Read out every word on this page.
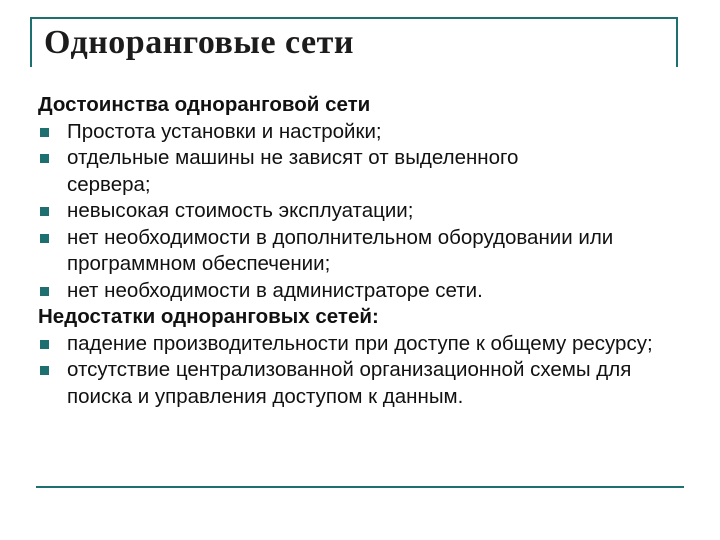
Одноранговые сети
Достоинства одноранговой сети
Простота установки и настройки;
отдельные машины не зависят от выделенного сервера;
невысокая стоимость эксплуатации;
нет необходимости в дополнительном оборудовании или программном обеспечении;
нет необходимости в администраторе сети.
Недостатки одноранговых сетей:
падение производительности при доступе к общему ресурсу;
отсутствие централизованной организационной схемы для поиска и управления доступом к данным.
